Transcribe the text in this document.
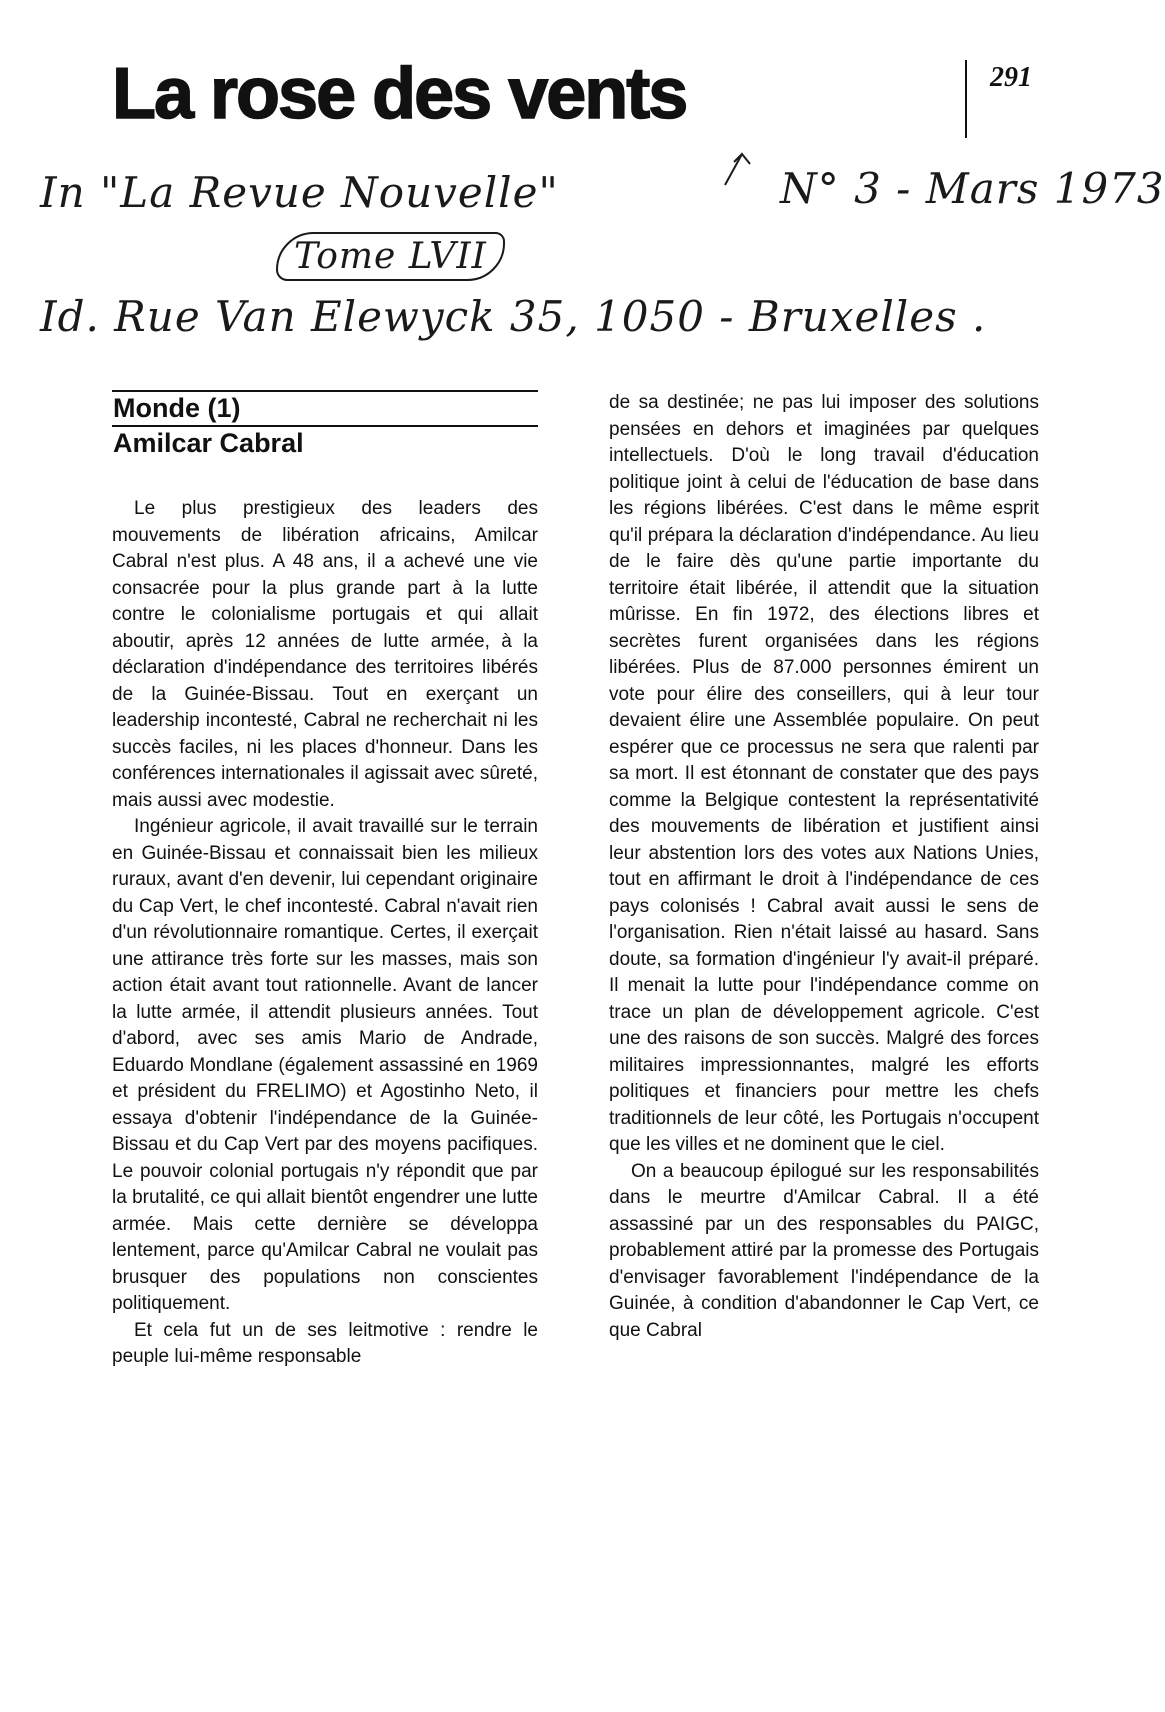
La rose des vents	291
In "La Revue Nouvelle"	N° 3 - Mars 1973
Tome LVII
Id. Rue Van Elewyck 35, 1050 - Bruxelles .
Monde (1)
Amilcar Cabral

Le plus prestigieux des leaders des mouvements de libération africains, Amilcar Cabral n'est plus. A 48 ans, il a achevé une vie consacrée pour la plus grande part à la lutte contre le colonialisme portugais et qui allait aboutir, après 12 années de lutte armée, à la déclaration d'indépendance des territoires libérés de la Guinée-Bissau. Tout en exerçant un leadership incontesté, Cabral ne recherchait ni les succès faciles, ni les places d'honneur. Dans les conférences internationales il agissait avec sûreté, mais aussi avec modestie.

Ingénieur agricole, il avait travaillé sur le terrain en Guinée-Bissau et connaissait bien les milieux ruraux, avant d'en devenir, lui cependant originaire du Cap Vert, le chef incontesté. Cabral n'avait rien d'un révolutionnaire romantique. Certes, il exerçait une attirance très forte sur les masses, mais son action était avant tout rationnelle. Avant de lancer la lutte armée, il attendit plusieurs années. Tout d'abord, avec ses amis Mario de Andrade, Eduardo Mondlane (également assassiné en 1969 et président du FRELIMO) et Agostinho Neto, il essaya d'obtenir l'indépendance de la Guinée-Bissau et du Cap Vert par des moyens pacifiques. Le pouvoir colonial portugais n'y répondit que par la brutalité, ce qui allait bientôt engendrer une lutte armée. Mais cette dernière se développa lentement, parce qu'Amilcar Cabral ne voulait pas brusquer des populations non conscientes politiquement.

Et cela fut un de ses leitmotive : rendre le peuple lui-même responsable

de sa destinée; ne pas lui imposer des solutions pensées en dehors et imaginées par quelques intellectuels. D'où le long travail d'éducation politique joint à celui de l'éducation de base dans les régions libérées. C'est dans le même esprit qu'il prépara la déclaration d'indépendance. Au lieu de le faire dès qu'une partie importante du territoire était libérée, il attendit que la situation mûrisse. En fin 1972, des élections libres et secrètes furent organisées dans les régions libérées. Plus de 87.000 personnes émirent un vote pour élire des conseillers, qui à leur tour devaient élire une Assemblée populaire. On peut espérer que ce processus ne sera que ralenti par sa mort. Il est étonnant de constater que des pays comme la Belgique contestent la représentativité des mouvements de libération et justifient ainsi leur abstention lors des votes aux Nations Unies, tout en affirmant le droit à l'indépendance de ces pays colonisés ! Cabral avait aussi le sens de l'organisation. Rien n'était laissé au hasard. Sans doute, sa formation d'ingénieur l'y avait-il préparé. Il menait la lutte pour l'indépendance comme on trace un plan de développement agricole. C'est une des raisons de son succès. Malgré des forces militaires impressionnantes, malgré les efforts politiques et financiers pour mettre les chefs traditionnels de leur côté, les Portugais n'occupent que les villes et ne dominent que le ciel.

On a beaucoup épilogué sur les responsabilités dans le meurtre d'Amilcar Cabral. Il a été assassiné par un des responsables du PAIGC, probablement attiré par la promesse des Portugais d'envisager favorablement l'indépendance de la Guinée, à condition d'abandonner le Cap Vert, ce que Cabral
